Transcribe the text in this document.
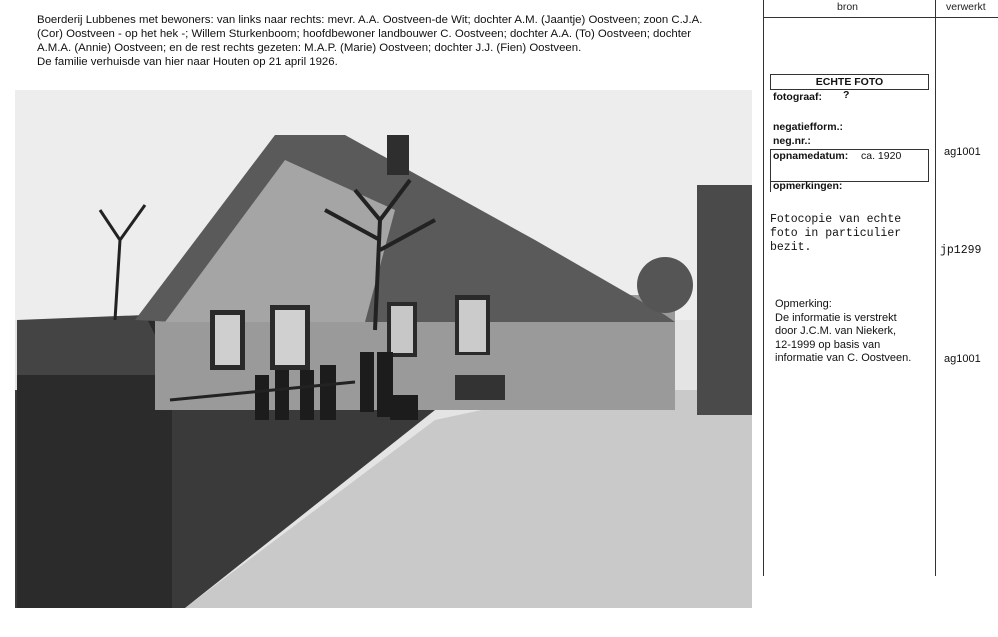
Boerderij Lubbenes met bewoners: van links naar rechts: mevr. A.A. Oostveen-de Wit; dochter A.M. (Jaantje) Oostveen; zoon C.J.A.

(Cor) Oostveen - op het hek -; Willem Sturkenboom; hoofdbewoner landbouwer C. Oostveen; dochter A.A. (To) Oostveen; dochter

A.M.A. (Annie) Oostveen; en de rest rechts gezeten: M.A.P. (Marie) Oostveen; dochter J.J. (Fien) Oostveen.

De familie verhuisde van hier naar Houten op 21 april 1926.

bron	verwerkt
ECHTE FOTO
fotograaf: ?
negatiefform.:
neg.nr.:
opnamedatum: ca. 1920
opmerkingen:
Fotocopie van echte
foto in particulier
bezit.
Opmerking:
De informatie is verstrekt
door J.C.M. van Niekerk,
12-1999 op basis van
informatie van C. Oostveen.
ag1001
jp1299
ag1001
